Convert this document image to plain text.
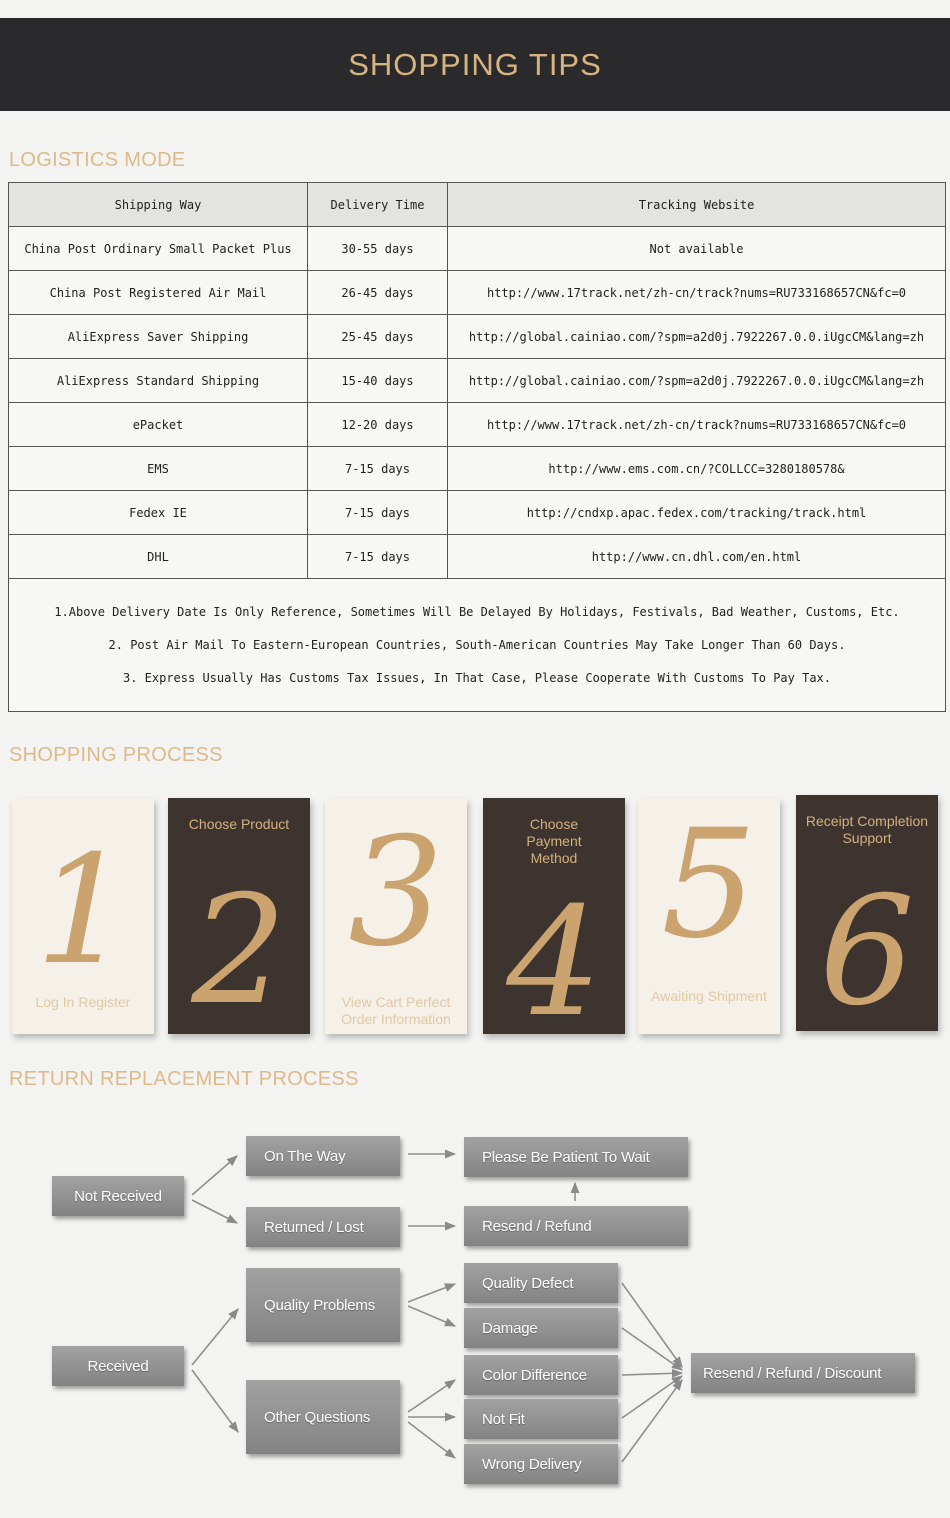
SHOPPING TIPS
LOGISTICS MODE
Shipping Way	Delivery Time	Tracking Website
China Post Ordinary Small Packet Plus	30-55 days	Not available
China Post Registered Air Mail	26-45 days	http://www.17track.net/zh-cn/track?nums=RU733168657CN&fc=0
AliExpress Saver Shipping	25-45 days	http://global.cainiao.com/?spm=a2d0j.7922267.0.0.iUgcCM&lang=zh
AliExpress Standard Shipping	15-40 days	http://global.cainiao.com/?spm=a2d0j.7922267.0.0.iUgcCM&lang=zh
ePacket	12-20 days	http://www.17track.net/zh-cn/track?nums=RU733168657CN&fc=0
EMS	7-15 days	http://www.ems.com.cn/?COLLCC=3280180578&
Fedex IE	7-15 days	http://cndxp.apac.fedex.com/tracking/track.html
DHL	7-15 days	http://www.cn.dhl.com/en.html

1.Above Delivery Date Is Only Reference, Sometimes Will Be Delayed By Holidays, Festivals, Bad Weather, Customs, Etc.
2. Post Air Mail To Eastern-European Countries, South-American Countries May Take Longer Than 60 Days.
3. Express Usually Has Customs Tax Issues, In That Case, Please Cooperate With Customs To Pay Tax.		
SHOPPING PROCESS
1
Log In Register
Choose Product
2 3
View Cart Perfect Order Information
Choose Payment Method
4 5
Awaiting Shipment
Receipt Completion Support
6
RETURN REPLACEMENT PROCESS
Not Received
On The Way
Returned / Lost
Please Be Patient To Wait
Resend / Refund
Received
Quality Problems
Other Questions
Quality Defect
Damage
Color Difference
Not Fit
Wrong Delivery
Resend / Refund / Discount
